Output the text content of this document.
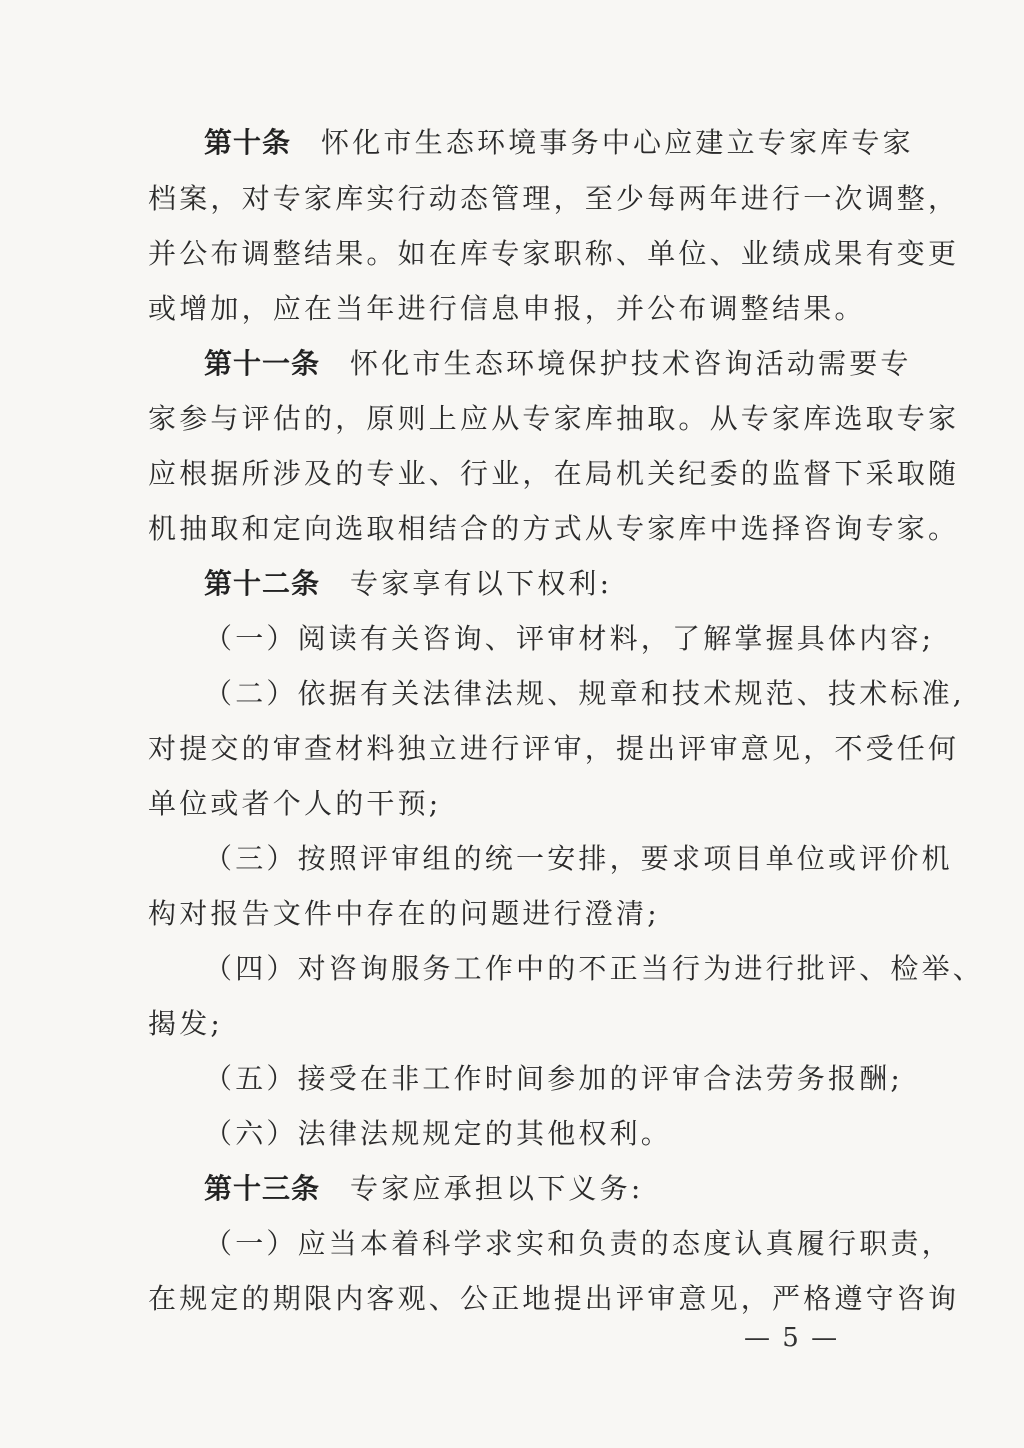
第十条 怀化市生态环境事务中心应建立专家库专家
档案，对专家库实行动态管理，至少每两年进行一次调整，
并公布调整结果。如在库专家职称、单位、业绩成果有变更
或增加，应在当年进行信息申报，并公布调整结果。
第十一条 怀化市生态环境保护技术咨询活动需要专
家参与评估的，原则上应从专家库抽取。从专家库选取专家
应根据所涉及的专业、行业，在局机关纪委的监督下采取随
机抽取和定向选取相结合的方式从专家库中选择咨询专家。
第十二条 专家享有以下权利:
（一）阅读有关咨询、评审材料，了解掌握具体内容;
（二）依据有关法律法规、规章和技术规范、技术标准,
对提交的审查材料独立进行评审，提出评审意见，不受任何
单位或者个人的干预;
（三）按照评审组的统一安排，要求项目单位或评价机
构对报告文件中存在的问题进行澄清;
（四）对咨询服务工作中的不正当行为进行批评、检举、
揭发;
（五）接受在非工作时间参加的评审合法劳务报酬;
（六）法律法规规定的其他权利。
第十三条 专家应承担以下义务:
（一）应当本着科学求实和负责的态度认真履行职责，
在规定的期限内客观、公正地提出评审意见，严格遵守咨询
— 5 —
